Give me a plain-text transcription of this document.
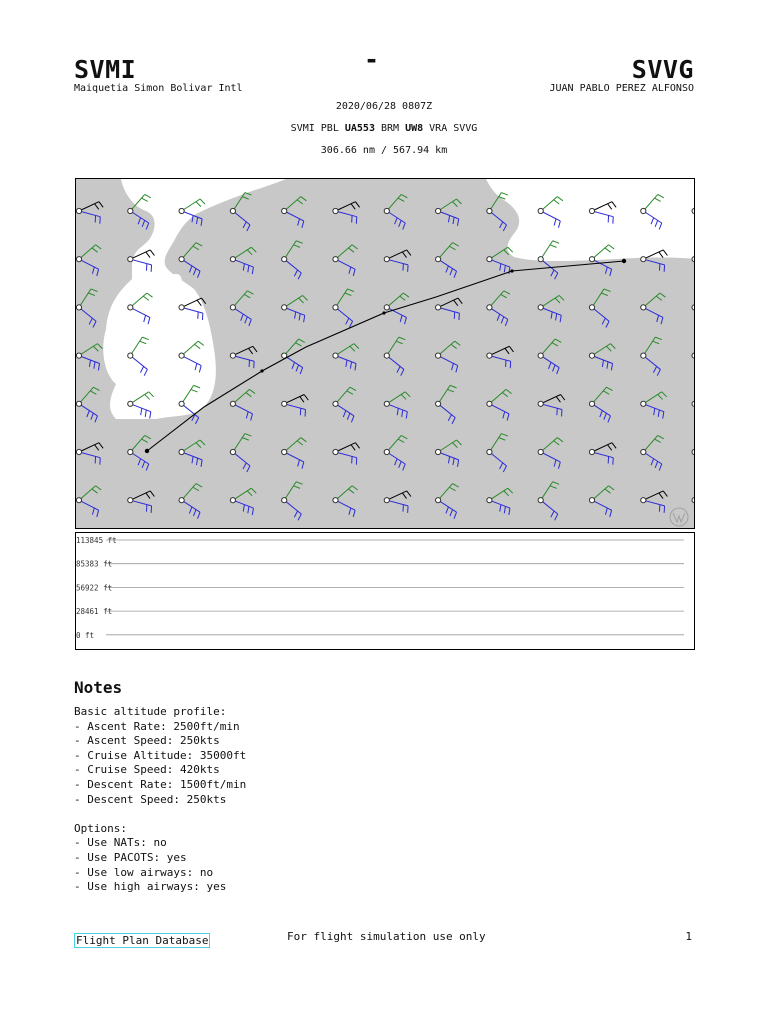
SVMI
Maiquetia Simon Bolivar Intl
-	SVVG
JUAN PABLO PEREZ ALFONSO
2020/06/28 0807Z
SVMI PBL UA553 BRM UW8 VRA SVVG
306.66 nm / 567.94 km
113845 ft
85383 ft
56922 ft
28461 ft
0 ft
Notes
Basic altitude profile:
- Ascent Rate: 2500ft/min
- Ascent Speed: 250kts
- Cruise Altitude: 35000ft
- Cruise Speed: 420kts
- Descent Rate: 1500ft/min
- Descent Speed: 250kts

Options:
- Use NATs: no
- Use PACOTS: yes
- Use low airways: no
- Use high airways: yes
Flight Plan Database	For flight simulation use only	1
